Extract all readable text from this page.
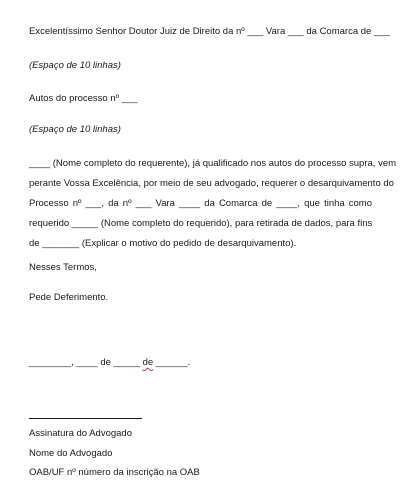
Excelentíssimo Senhor Doutor Juiz de Direito da nº ___ Vara ___ da Comarca de ___
(Espaço de 10 linhas)
Autos do processo nº ___
(Espaço de 10 linhas)
____ (Nome completo do requerente), já qualificado nos autos do processo supra, vem
perante Vossa Excelência, por meio de seu advogado, requerer o desarquivamento do
Processo nº ___, da nº ___ Vara ____ da Comarca de ____, que tinha como
requerido _____ (Nome completo do requerido), para retirada de dados, para fins
de _______ (Explicar o motivo do pedido de desarquivamento).
Nesses Termos,
Pede Deferimento.
________, ____ de _____ de ______.
Assinatura do Advogado
Nome do Advogado
OAB/UF nº número da inscrição na OAB
